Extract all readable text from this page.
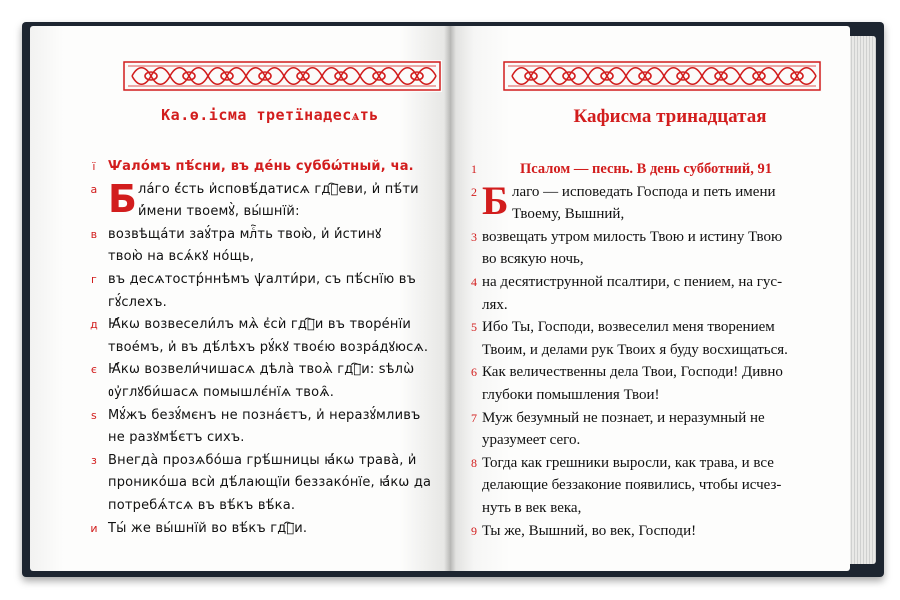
Ка.ѳ.ісма третїнадесѧть	Кафисма тринадцатая
ї Ѱало́мъ пѣ́сни, въ де́нь суббѡ́тный, ча.
а Б ла́го є҆́сть и҆сповѣ́датисѧ гдⷭ҇еви, и҆ пѣ́ти
и҆́мени твоемꙋ̀, вы́шнїй:
в возвѣща́ти заꙋ́тра млⷭ҇ть твою̀, и҆ и҆́стинꙋ
твою̀ на всѧ́кꙋ но́щь,
г въ десѧтостр́ннѣмъ ѱалти́ри, съ пѣ́снїю въ
гꙋ́слехъ.
д Ꙗ҆́кѡ возвесели́лъ мѧ̀ є҆сѝ гдⷭ҇и въ творе́нїи
твое́мъ, и҆ въ дѣ́лѣхъ рꙋ́кꙋ твоє́ю возра́дꙋюсѧ.
є Ꙗ҆́кѡ возвели́чишасѧ дѣла̀ твоѧ̀ гдⷭ҇и: ѕѣлѡ̀
ᲂу҆глꙋби́шасѧ помышлє́нїѧ твоѧ̑.
ѕ Мꙋ́жъ безꙋ́мєнъ не позна́єтъ, и҆ неразꙋ́мливъ
не разꙋмѣ́єтъ сихъ.
з Внегда̀ прозѧбо́ша грѣ́шницы ꙗ҆́кѡ трава̀, и҆
пронико́ша всѝ дѣ́лающїи беззако́нїе, ꙗ҆́кѡ да
потребѧ́тсѧ въ вѣ́къ вѣ́ка.
и Ты́ же вы́шнїй во вѣ́къ гдⷭ҇и.
1	Псалом — песнь. В день субботний, 91
2 Б лаго — исповедать Господа и петь имени
Твоему, Вышний,
3 возвещать утром милость Твою и истину Твою
во всякую ночь,
4 на десятиструнной псалтири, с пением, на гус-
лях.
5 Ибо Ты, Господи, возвеселил меня творением
Твоим, и делами рук Твоих я буду восхищаться.
6 Как величественны дела Твои, Господи! Дивно
глубоки помышления Твои!
7 Муж безумный не познает, и неразумный не
уразумеет сего.
8 Тогда как грешники выросли, как трава, и все
делающие беззаконие появились, чтобы исчез-
нуть в век века,
9 Ты же, Вышний, во век, Господи!
